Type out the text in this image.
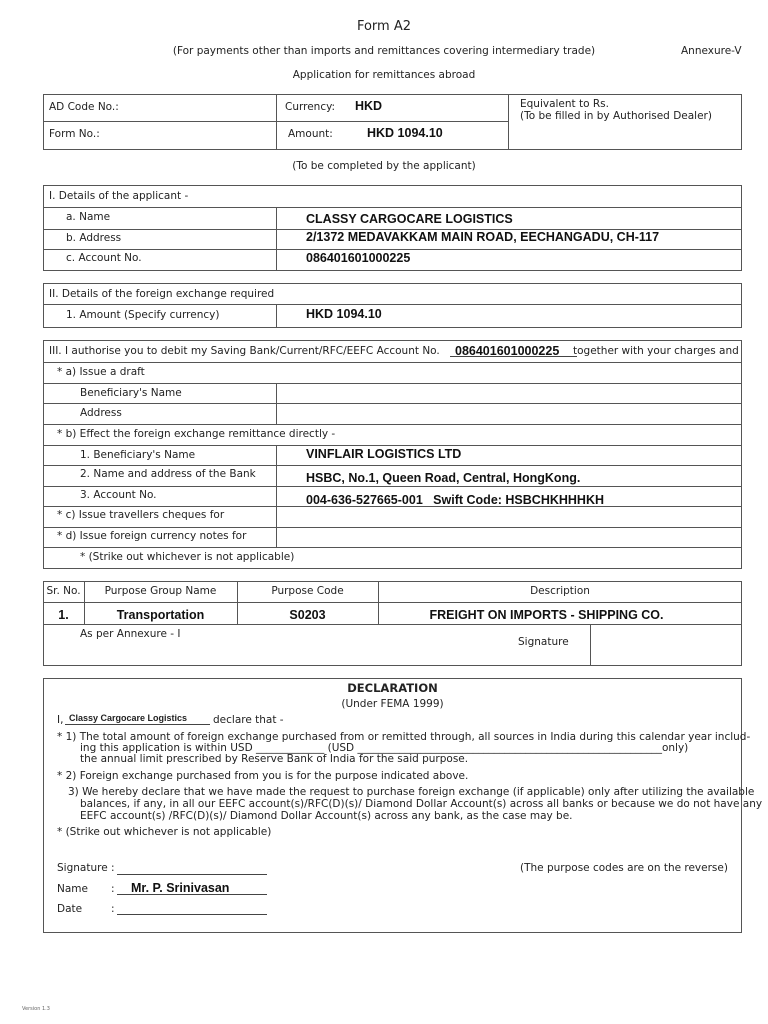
Form A2
(For payments other than imports and remittances covering intermediary trade)	Annexure-V
Application for remittances abroad
AD Code No.:
Form No.:
Currency: HKD
Amount:	HKD 1094.10
Equivalent to Rs.
(To be filled in by Authorised Dealer)
(To be completed by the applicant)
I. Details of the applicant -
a. Name	CLASSY CARGOCARE LOGISTICS
b. Address	2/1372 MEDAVAKKAM MAIN ROAD, EECHANGADU, CH-117
c. Account No.	086401601000225
II. Details of the foreign exchange required
1. Amount (Specify currency)	HKD 1094.10
III. I authorise you to debit my Saving Bank/Current/RFC/EEFC Account No.	together with your charges and
086401601000225
* a) Issue a draft
Beneficiary's Name
Address
* b) Effect the foreign exchange remittance directly -
1. Beneficiary's Name	VINFLAIR LOGISTICS LTD
2. Name and address of the Bank	HSBC, No.1, Queen Road, Central, HongKong.
3. Account No.	004-636-527665-001   Swift Code: HSBCHKHHHKH
* c) Issue travellers cheques for
* d) Issue foreign currency notes for
* (Strike out whichever is not applicable)
Sr. No.	Purpose Group Name	Purpose Code	Description
1.	Transportation	S0203	FREIGHT ON IMPORTS - SHIPPING CO.
As per Annexure - I
Signature
DECLARATION
(Under FEMA 1999)
I, Classy Cargocare Logistics declare that -
* 1) The total amount of foreign exchange purchased from or remitted through, all sources in India during this calendar year includ-
ing this application is within USD _____________ (USD __________________________________________________________only)
the annual limit prescribed by Reserve Bank of India for the said purpose.
* 2) Foreign exchange purchased from you is for the purpose indicated above.
3) We hereby declare that we have made the request to purchase foreign exchange (if applicable) only after utilizing the available
balances, if any, in all our EEFC account(s)/RFC(D)(s)/ Diamond Dollar Account(s) across all banks or because we do not have any
EEFC account(s) /RFC(D)(s)/ Diamond Dollar Account(s) across any bank, as the case may be.
* (Strike out whichever is not applicable)
Signature :	(The purpose codes are on the reverse)
Name : Mr. P. Srinivasan
Date	:
Version 1.3
